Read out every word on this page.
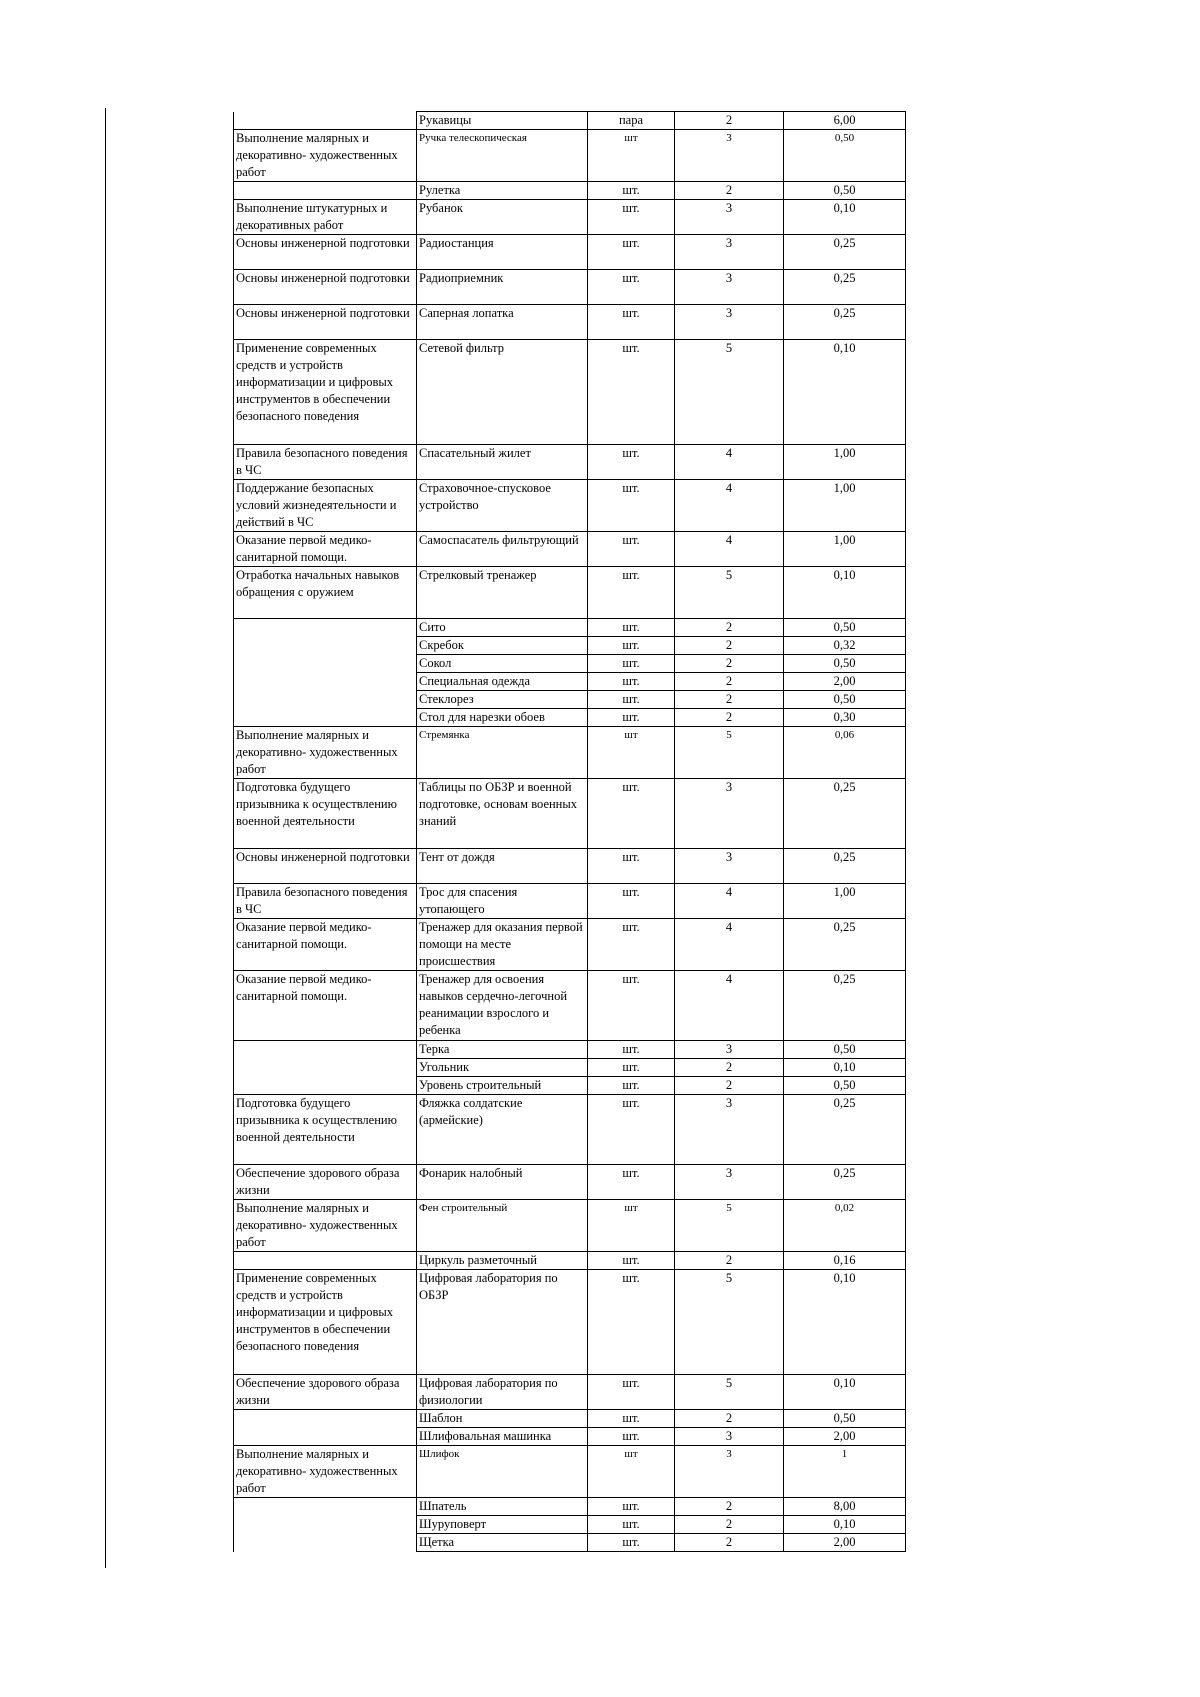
	Рукавицы	пара	2	6,00
Выполнение малярных и декоративно- художественных работ	Ручка телескопическая	шт	3	0,50
	Рулетка	шт.	2	0,50
Выполнение штукатурных и декоративных работ	Рубанок	шт.	3	0,10
Основы инженерной подготовки	Радиостанция	шт.	3	0,25
Основы инженерной подготовки	Радиоприемник	шт.	3	0,25
Основы инженерной подготовки	Саперная лопатка	шт.	3	0,25
Применение современных средств и устройств информатизации и цифровых инструментов в обеспечении безопасного поведения	Сетевой фильтр	шт.	5	0,10
Правила безопасного поведения в ЧС	Спасательный жилет	шт.	4	1,00
Поддержание безопасных условий жизнедеятельности и действий в ЧС	Страховочное-спусковое устройство	шт.	4	1,00
Оказание первой медико-санитарной помощи.	Самоспасатель фильтрующий	шт.	4	1,00
Отработка начальных навыков обращения с оружием	Стрелковый тренажер	шт.	5	0,10
	Сито	шт.	2	0,50
	Скребок	шт.	2	0,32
	Сокол	шт.	2	0,50
	Специальная одежда	шт.	2	2,00
	Стеклорез	шт.	2	0,50
	Стол для нарезки обоев	шт.	2	0,30
Выполнение малярных и декоративно- художественных работ	Стремянка	шт	5	0,06
Подготовка будущего призывника к осуществлению военной деятельности	Таблицы по ОБЗР и военной подготовке, основам военных знаний	шт.	3	0,25
Основы инженерной подготовки	Тент от дождя	шт.	3	0,25
Правила безопасного поведения в ЧС	Трос для спасения утопающего	шт.	4	1,00
Оказание первой медико-санитарной помощи.	Тренажер для оказания первой помощи на месте происшествия	шт.	4	0,25
Оказание первой медико-санитарной помощи.	Тренажер для освоения навыков сердечно-легочной реанимации взрослого и ребенка	шт.	4	0,25
	Терка	шт.	3	0,50
	Угольник	шт.	2	0,10
	Уровень строительный	шт.	2	0,50
Подготовка будущего призывника к осуществлению военной деятельности	Фляжка солдатские (армейские)	шт.	3	0,25
Обеспечение здорового образа жизни	Фонарик налобный	шт.	3	0,25
Выполнение малярных и декоративно- художественных работ	Фен строительный	шт	5	0,02
	Циркуль разметочный	шт.	2	0,16
Применение современных средств и устройств информатизации и цифровых инструментов в обеспечении безопасного поведения	Цифровая лаборатория по ОБЗР	шт.	5	0,10
Обеспечение здорового образа жизни	Цифровая лаборатория по физиологии	шт.	5	0,10
	Шаблон	шт.	2	0,50
	Шлифовальная машинка	шт.	3	2,00
Выполнение малярных и декоративно- художественных работ	Шлифок	шт	3	1
	Шпатель	шт.	2	8,00
	Шуруповерт	шт.	2	0,10
	Щетка	шт.	2	2,00
